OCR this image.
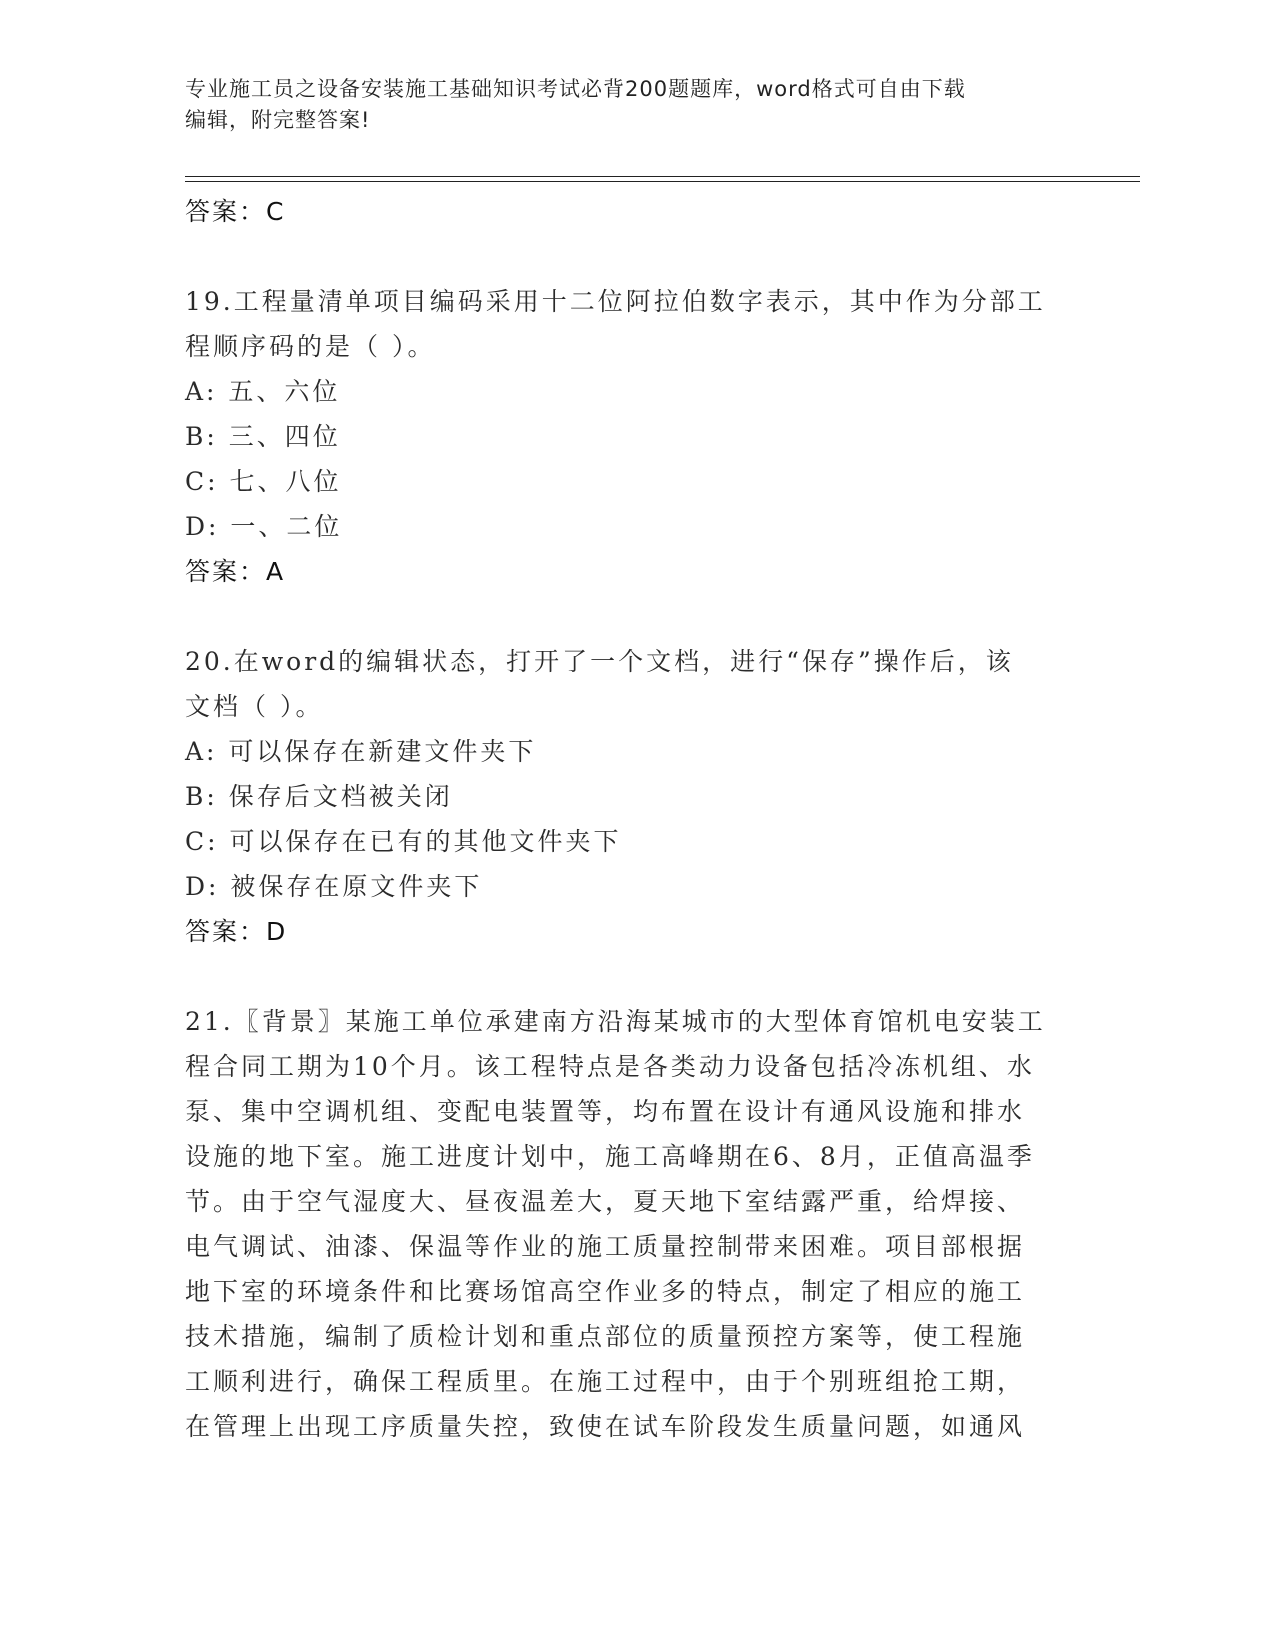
专业施工员之设备安装施工基础知识考试必背200题题库，word格式可自由下载
编辑，附完整答案!

答案：C

19.工程量清单项目编码采用十二位阿拉伯数字表示，其中作为分部工

程顺序码的是（ ）。

A: 五、六位

B: 三、四位

C: 七、八位

D: 一、二位

答案：A

20.在word的编辑状态，打开了一个文档，进行“保存”操作后，该

文档（ ）。

A: 可以保存在新建文件夹下

B: 保存后文档被关闭

C: 可以保存在已有的其他文件夹下

D: 被保存在原文件夹下

答案：D

21.〖背景〗某施工单位承建南方沿海某城市的大型体育馆机电安装工

程合同工期为10个月。该工程特点是各类动力设备包括冷冻机组、水

泵、集中空调机组、变配电装置等，均布置在设计有通风设施和排水

设施的地下室。施工进度计划中，施工高峰期在6、8月，正值高温季

节。由于空气湿度大、昼夜温差大，夏天地下室结露严重，给焊接、

电气调试、油漆、保温等作业的施工质量控制带来困难。项目部根据

地下室的环境条件和比赛场馆高空作业多的特点，制定了相应的施工

技术措施，编制了质检计划和重点部位的质量预控方案等，使工程施

工顺利进行，确保工程质里。在施工过程中，由于个别班组抢工期，

在管理上出现工序质量失控，致使在试车阶段发生质量问题，如通风
